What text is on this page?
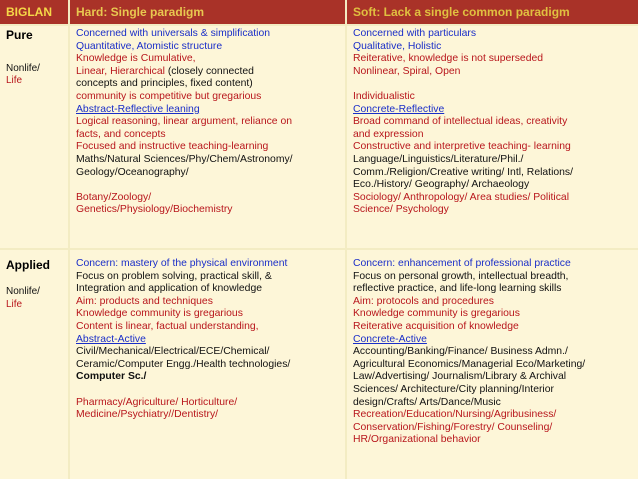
BIGLAN Hard: Single paradigm	Soft: Lack a single common paradigm
Pure
Nonlife/
Life
Applied
Nonlife/
Life
Concerned with universals & simplification
Quantitative, Atomistic structure
Knowledge is Cumulative,
Linear, Hierarchical (closely connected
concepts and principles, fixed content)
community is competitive but gregarious
Abstract-Reflective leaning
Logical reasoning, linear argument, reliance on
facts, and concepts
Focused and instructive teaching-learning
Maths/Natural Sciences/Phy/Chem/Astronomy/
Geology/Oceanography/
Botany/Zoology/
Genetics/Physiology/Biochemistry
Concerned with particulars
Qualitative, Holistic
Reiterative, knowledge is not superseded
Nonlinear, Spiral, Open
Individualistic
Concrete-Reflective
Broad command of intellectual ideas, creativity
and expression
Constructive and interpretive teaching- learning
Language/Linguistics/Literature/Phil./
Comm./Religion/Creative writing/ Intl, Relations/
Eco./History/ Geography/ Archaeology
Sociology/ Anthropology/ Area studies/ Political
Science/ Psychology
Concern: mastery of the physical environment
Focus on problem solving, practical skill, &
Integration and application of knowledge
Aim: products and techniques
Knowledge community is gregarious
Content is linear, factual understanding,
Abstract-Active
Civil/Mechanical/Electrical/ECE/Chemical/
Ceramic/Computer Engg./Health technologies/
Computer Sc./
Pharmacy/Agriculture/ Horticulture/
Medicine/Psychiatry//Dentistry/
Concern: enhancement of professional practice
Focus on personal growth, intellectual breadth,
reflective practice, and life-long learning skills
Aim: protocols and procedures
Knowledge community is gregarious
Reiterative acquisition of knowledge
Concrete-Active
Accounting/Banking/Finance/ Business Admn./
Agricultural Economics/Managerial Eco/Marketing/
Law/Advertising/ Journalism/Library & Archival
Sciences/ Architecture/City planning/Interior
design/Crafts/ Arts/Dance/Music
Recreation/Education/Nursing/Agribusiness/
Conservation/Fishing/Forestry/ Counseling/
HR/Organizational behavior
